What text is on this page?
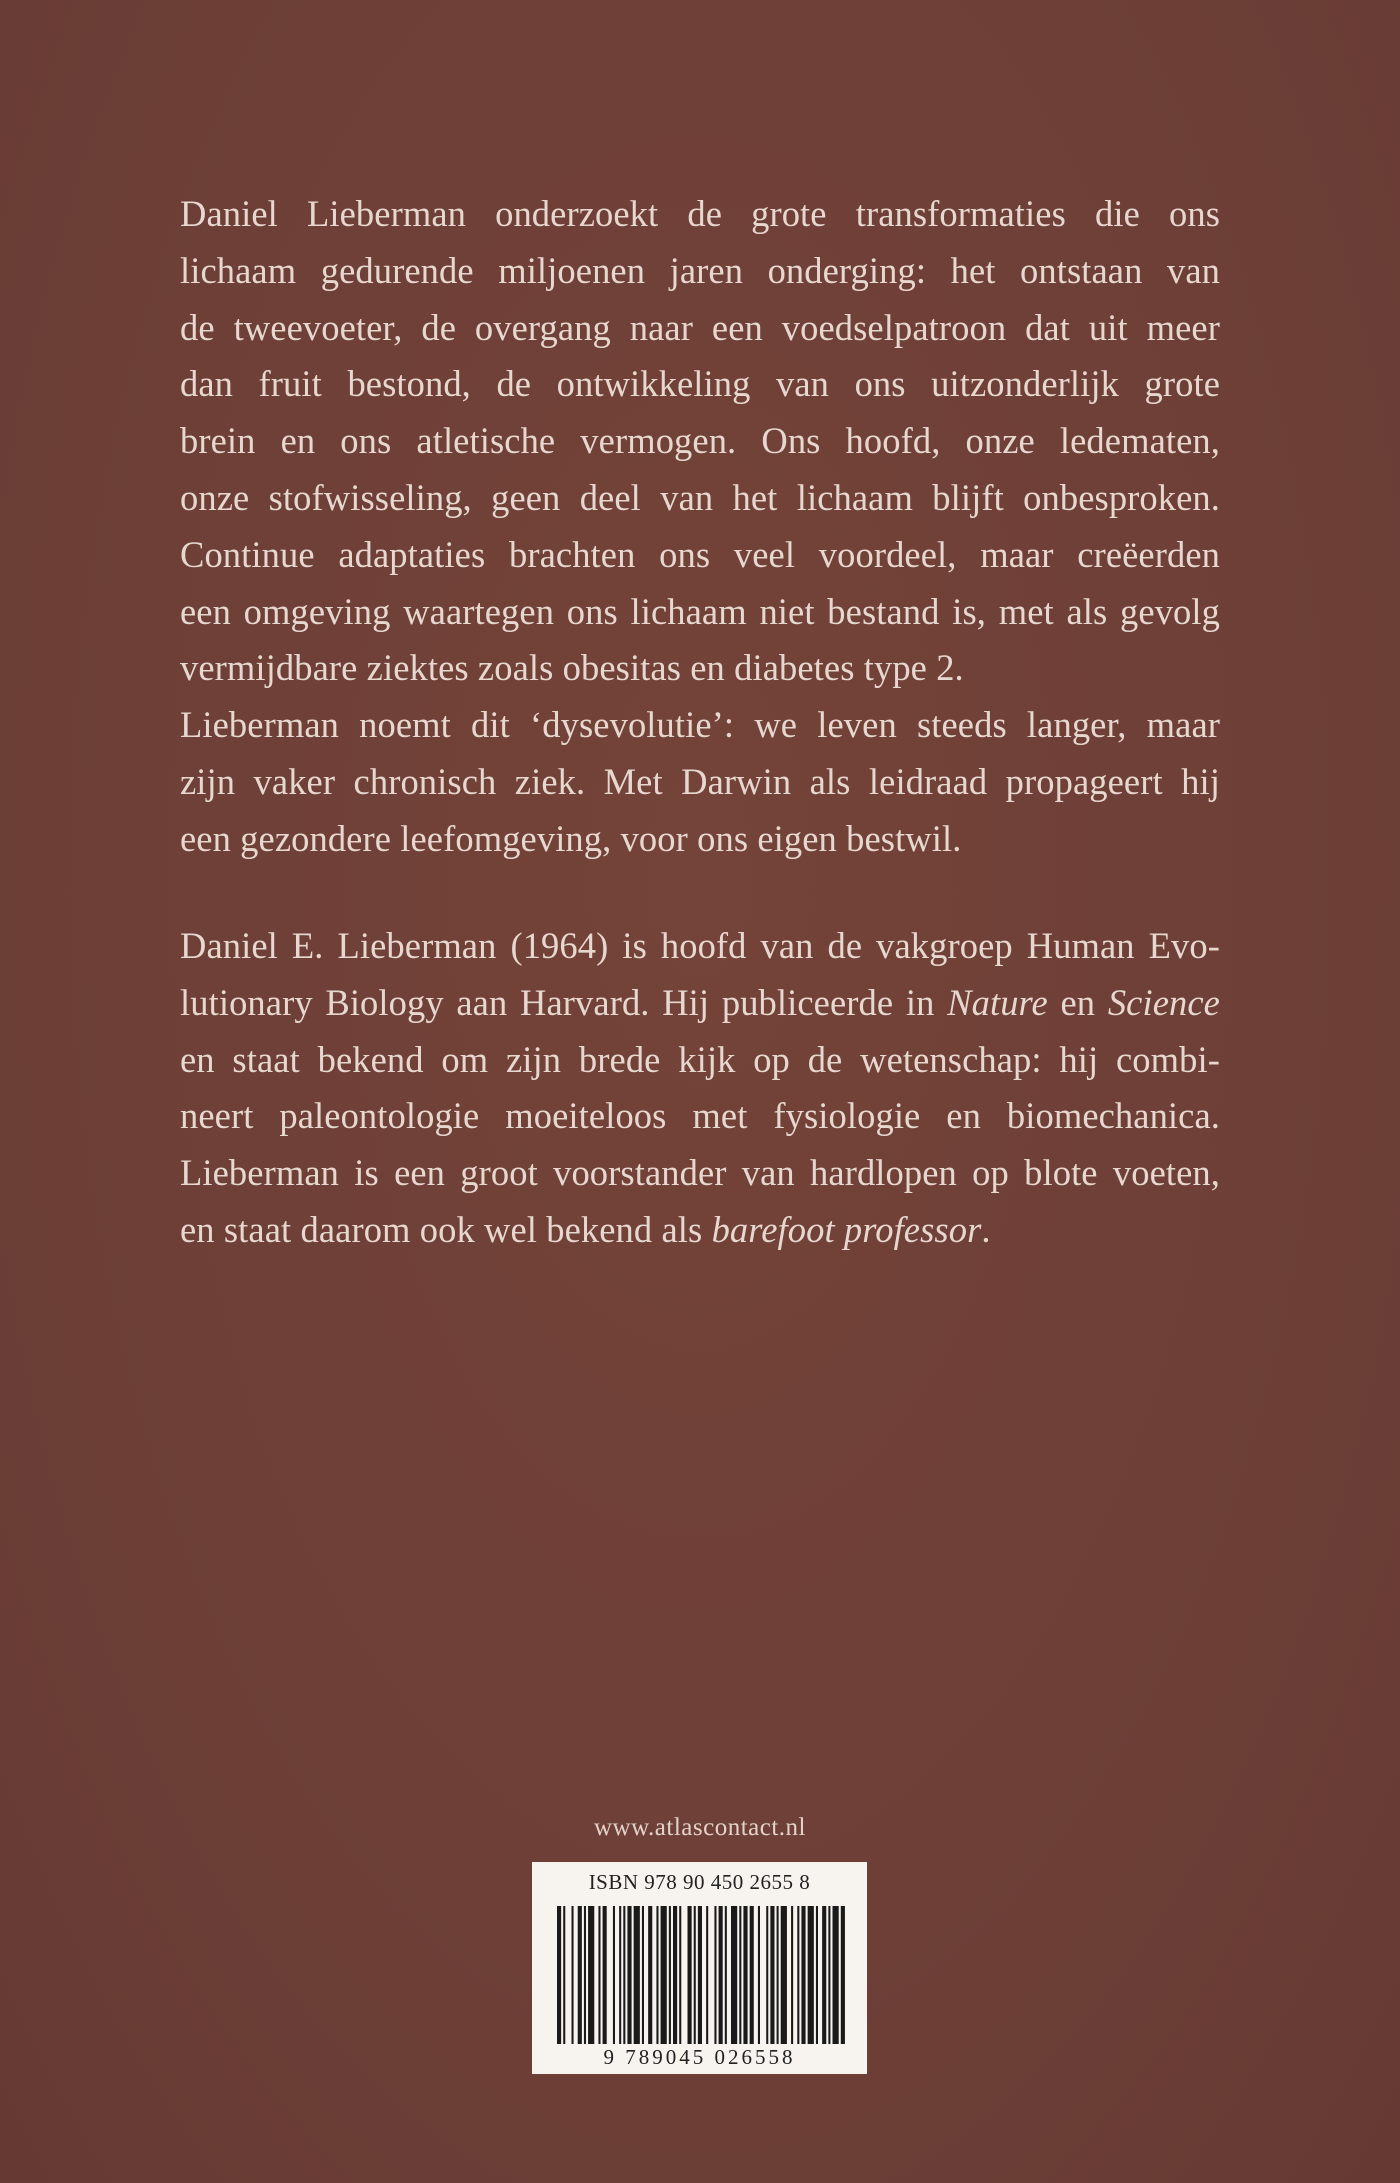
Daniel Lieberman onderzoekt de grote transformaties die ons
lichaam gedurende miljoenen jaren onderging: het ontstaan van
de tweevoeter, de overgang naar een voedselpatroon dat uit meer
dan fruit bestond, de ontwikkeling van ons uitzonderlijk grote
brein en ons atletische vermogen. Ons hoofd, onze ledematen,
onze stofwisseling, geen deel van het lichaam blijft onbesproken.
Continue adaptaties brachten ons veel voordeel, maar creëerden
een omgeving waartegen ons lichaam niet bestand is, met als gevolg
vermijdbare ziektes zoals obesitas en diabetes type 2.
Lieberman noemt dit ‘dysevolutie’: we leven steeds langer, maar
zijn vaker chronisch ziek. Met Darwin als leidraad propageert hij
een gezondere leefomgeving, voor ons eigen bestwil.
Daniel E. Lieberman (1964) is hoofd van de vakgroep Human Evo-
lutionary Biology aan Harvard. Hij publiceerde in Nature en Science
en staat bekend om zijn brede kijk op de wetenschap: hij combi-
neert paleontologie moeiteloos met fysiologie en biomechanica.
Lieberman is een groot voorstander van hardlopen op blote voeten,
en staat daarom ook wel bekend als barefoot professor.
www.atlascontact.nl
ISBN 978 90 450 2655 8
9 789045 026558
